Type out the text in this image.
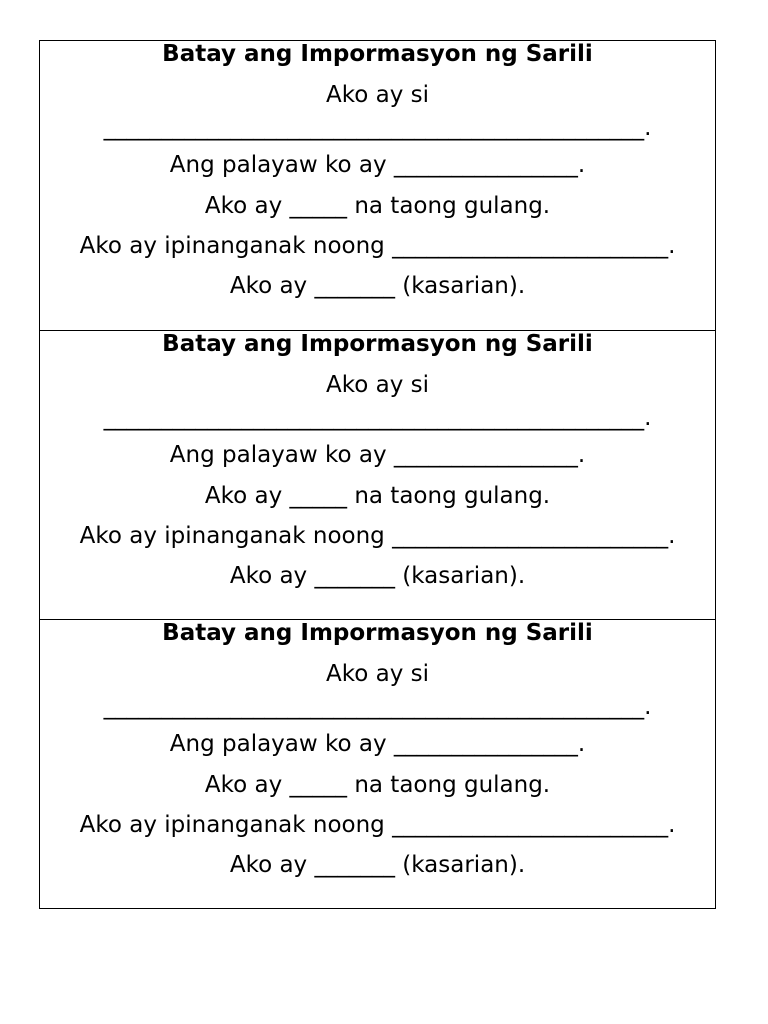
Batay ang Impormasyon ng Sarili
Ako ay si
_______________________________________________.
Ang palayaw ko ay ________________.
Ako ay _____ na taong gulang.
Ako ay ipinanganak noong ________________________.
Ako ay _______ (kasarian).
Batay ang Impormasyon ng Sarili
Ako ay si
_______________________________________________.
Ang palayaw ko ay ________________.
Ako ay _____ na taong gulang.
Ako ay ipinanganak noong ________________________.
Ako ay _______ (kasarian).
Batay ang Impormasyon ng Sarili
Ako ay si
_______________________________________________.
Ang palayaw ko ay ________________.
Ako ay _____ na taong gulang.
Ako ay ipinanganak noong ________________________.
Ako ay _______ (kasarian).
